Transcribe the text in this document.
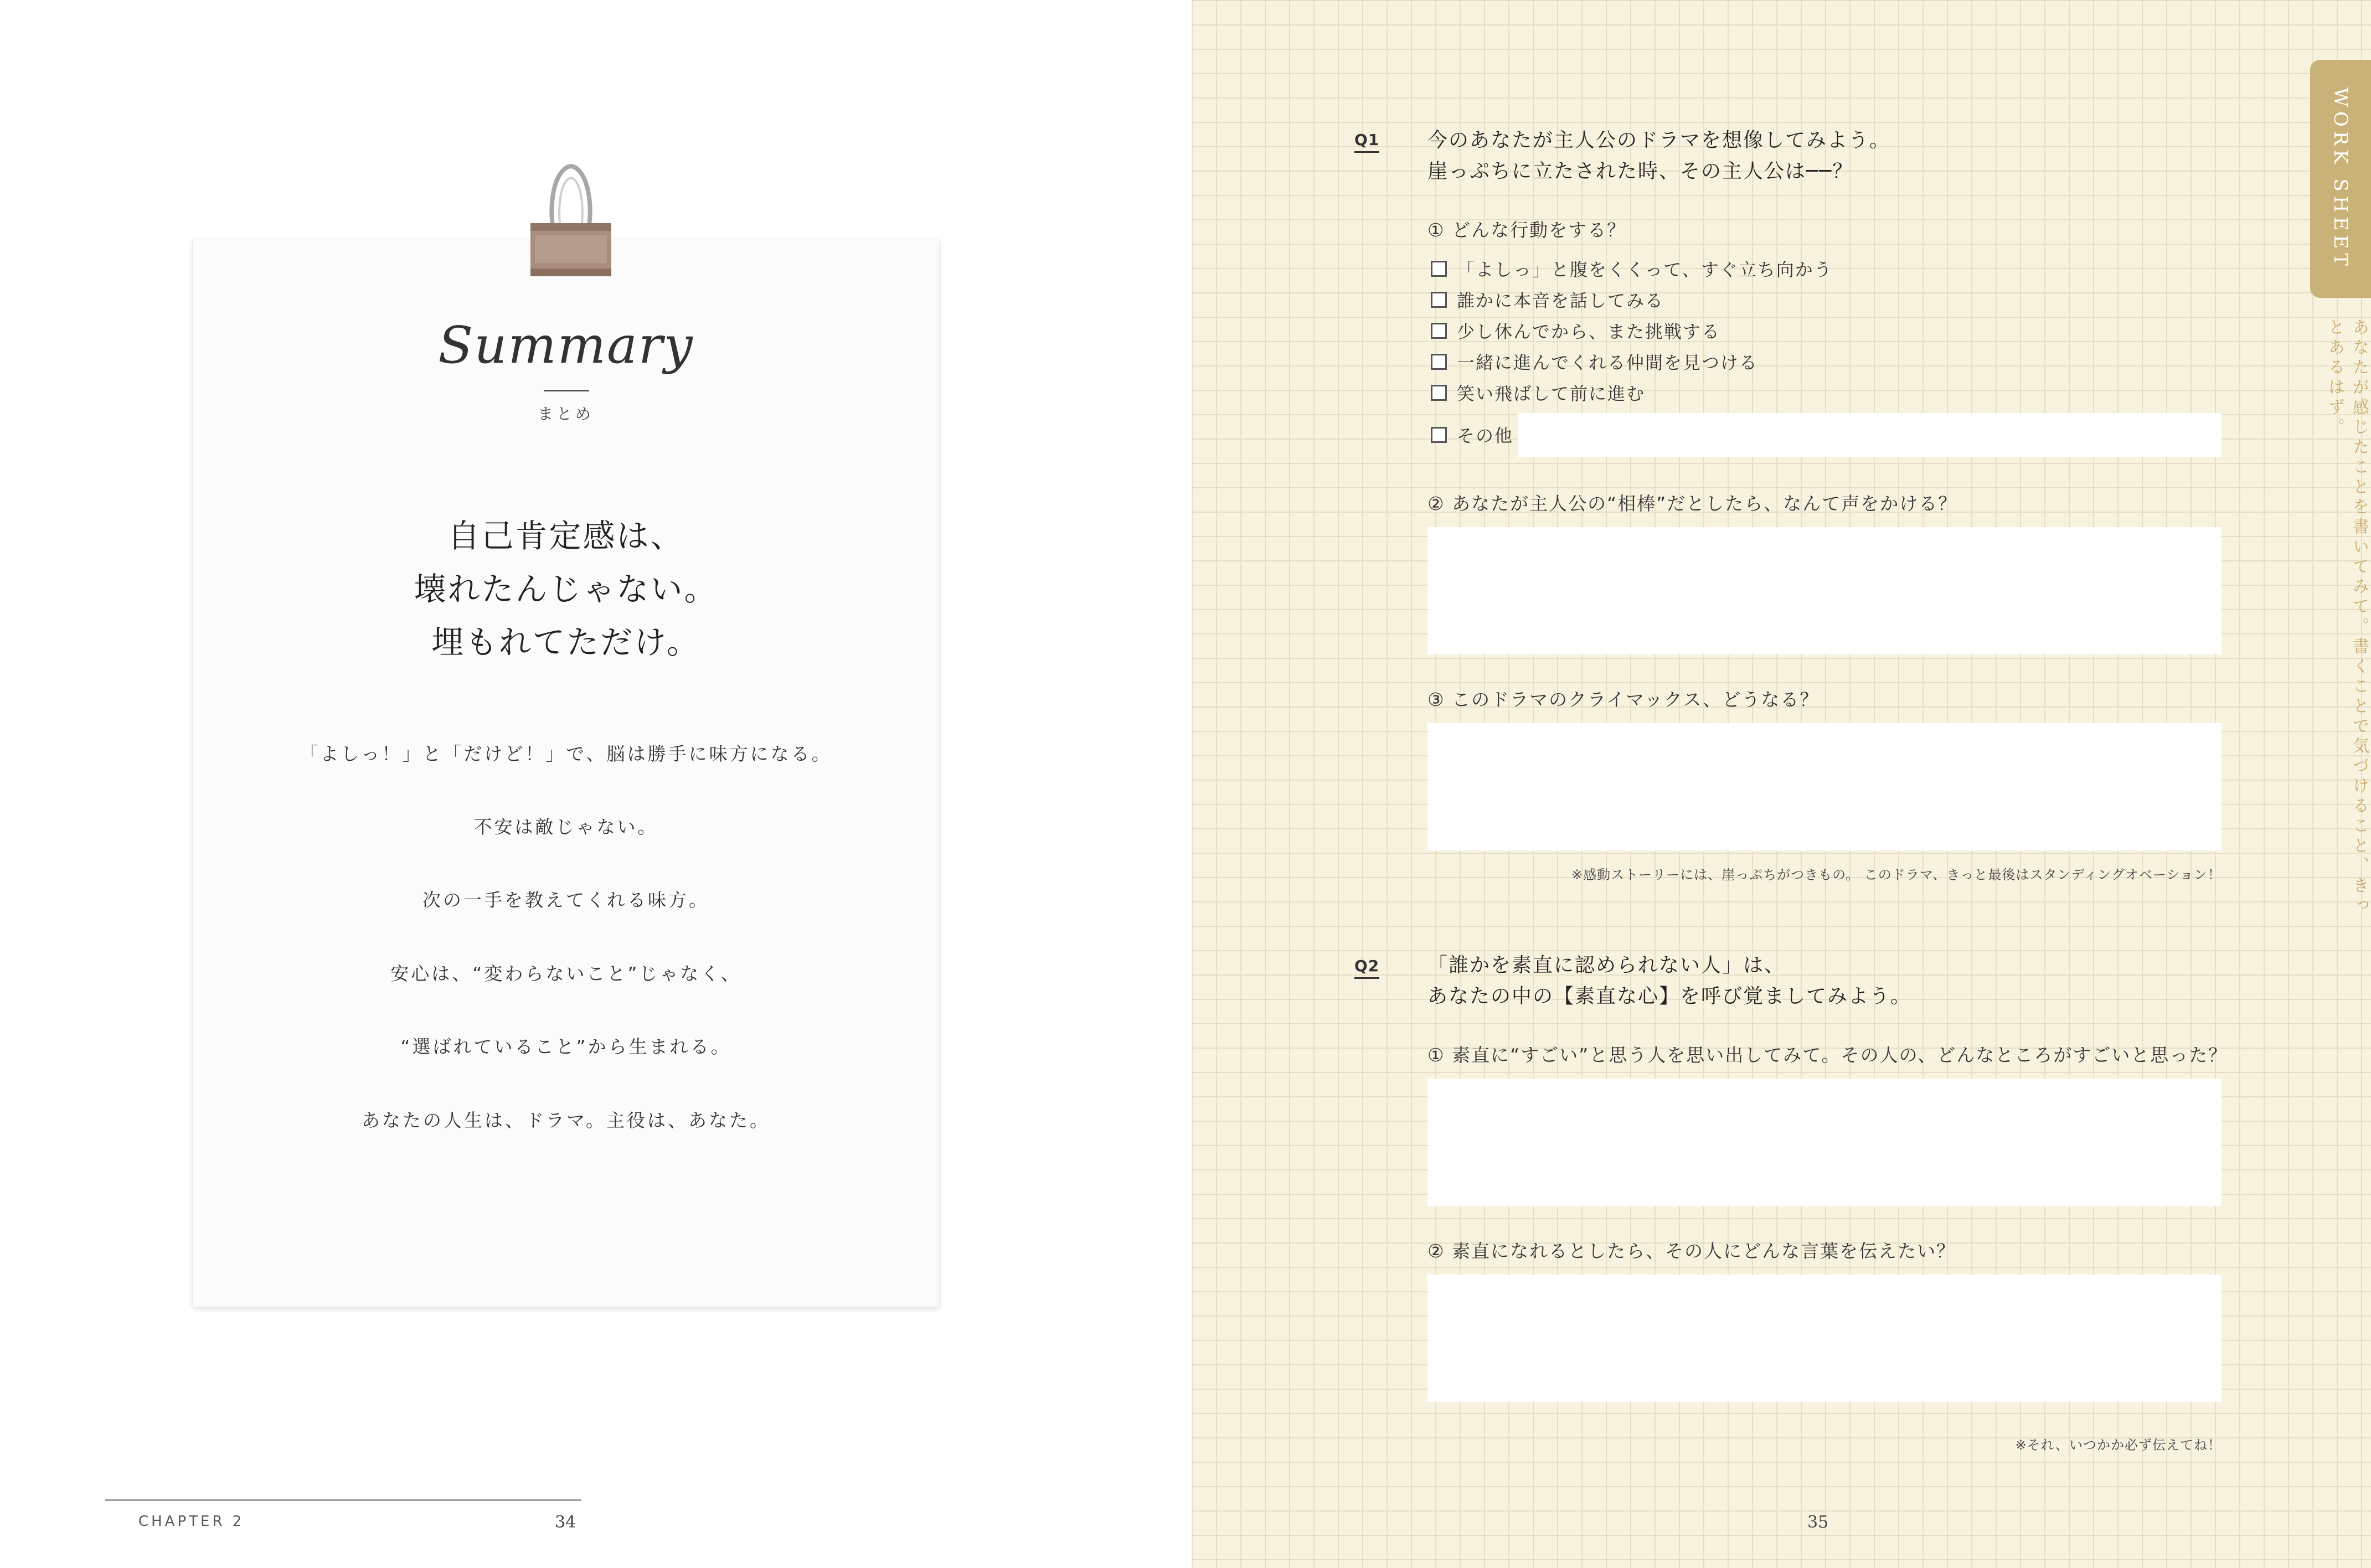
Summary
まとめ
自己肯定感は、
壊れたんじゃない。
埋もれてただけ。
「よしっ！」と「だけど！」で、脳は勝手に味方になる。
不安は敵じゃない。
次の一手を教えてくれる味方。
安心は、“変わらないこと”じゃなく、
“選ばれていること”から生まれる。
あなたの人生は、ドラマ。主役は、あなた。
CHAPTER 2	34
WORK SHEET
あなたが感じたことを書いてみて。書くことで気づけること、きっとあるはず。
Q1 今のあなたが主人公のドラマを想像してみよう。
崖っぷちに立たされた時、その主人公は──？
① どんな行動をする？
「よしっ」と腹をくくって、すぐ立ち向かう
誰かに本音を話してみる
少し休んでから、また挑戦する
一緒に進んでくれる仲間を見つける
笑い飛ばして前に進む
その他
② あなたが主人公の“相棒”だとしたら、なんて声をかける？
③ このドラマのクライマックス、どうなる？
※感動ストーリーには、崖っぷちがつきもの。 このドラマ、きっと最後はスタンディングオベーション！
Q2 「誰かを素直に認められない人」は、
あなたの中の【素直な心】を呼び覚ましてみよう。
① 素直に“すごい”と思う人を思い出してみて。その人の、どんなところがすごいと思った？
② 素直になれるとしたら、その人にどんな言葉を伝えたい？
※それ、いつかか必ず伝えてね！
35
